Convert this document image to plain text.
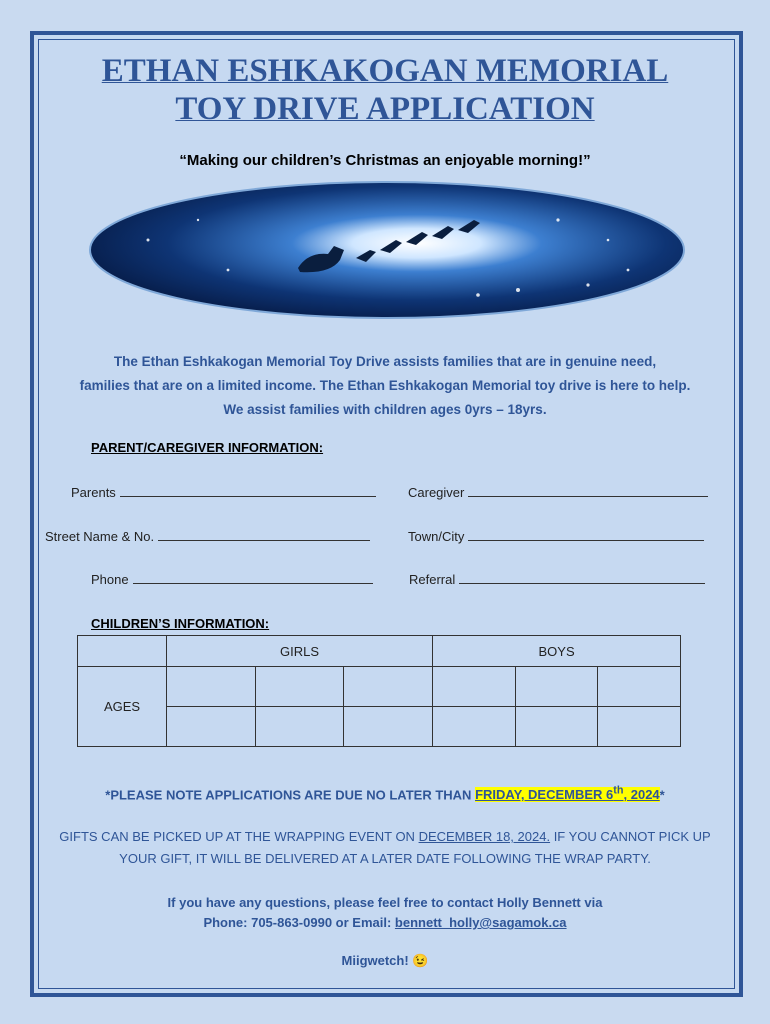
ETHAN ESHKAKOGAN MEMORIAL
TOY DRIVE APPLICATION
“Making our children’s Christmas an enjoyable morning!”
The Ethan Eshkakogan Memorial Toy Drive assists families that are in genuine need,
families that are on a limited income. The Ethan Eshkakogan Memorial toy drive is here to help.
We assist families with children ages 0yrs – 18yrs.
PARENT/CAREGIVER INFORMATION:
Parents	Caregiver
Street Name & No.	Town/City
Phone	Referral
CHILDREN’S INFORMATION:
	GIRLS			BOYS		
AGES						

*PLEASE NOTE APPLICATIONS ARE DUE NO LATER THAN FRIDAY, DECEMBER 6th, 2024*
GIFTS CAN BE PICKED UP AT THE WRAPPING EVENT ON DECEMBER 18, 2024. IF YOU CANNOT PICK UP
YOUR GIFT, IT WILL BE DELIVERED AT A LATER DATE FOLLOWING THE WRAP PARTY.
If you have any questions, please feel free to contact Holly Bennett via
Phone: 705-863-0990 or Email: bennett_holly@sagamok.ca
Miigwetch! 😉
